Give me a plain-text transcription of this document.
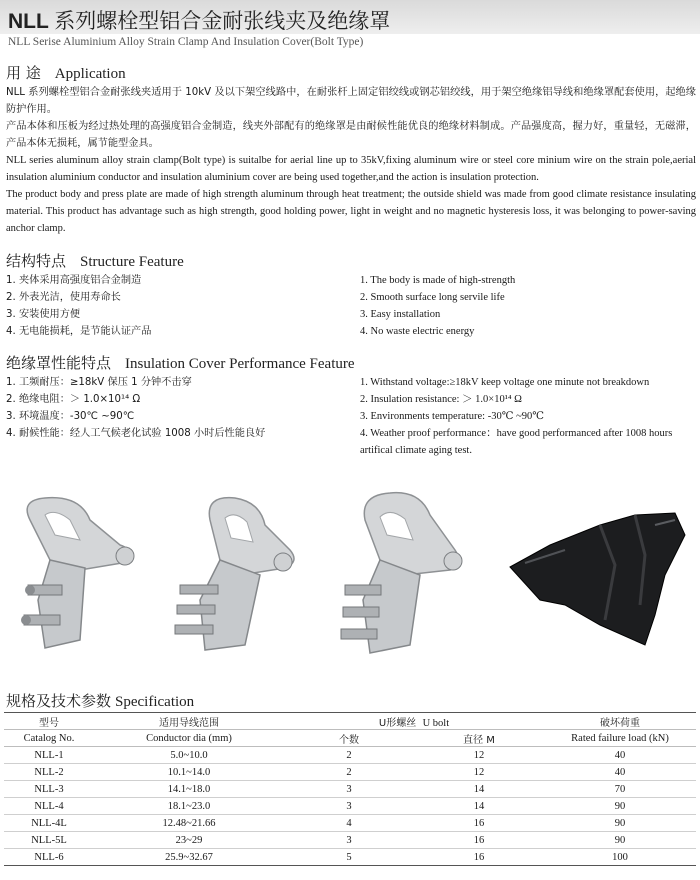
NLL 系列螺栓型铝合金耐张线夹及绝缘罩
NLL Serise Aluminium Alloy Strain Clamp And Insulation Cover(Bolt Type)
用 途 Application

NLL 系列螺栓型铝合金耐张线夹适用于 10kV 及以下架空线路中，在耐张杆上固定铝绞线或钢芯铝绞线，用于架空绝缘铝导线和绝缘罩配套使用，起绝缘防护作用。

产品本体和压板为经过热处理的高强度铝合金制造，线夹外部配有的绝缘罩是由耐候性能优良的绝缘材料制成。产品强度高，握力好，重量轻，无磁滞，产品本体无损耗，属节能型金具。

NLL series aluminum alloy strain clamp(Bolt type) is suitalbe for aerial line up to 35kV,fixing aluminum wire or steel core minium wire on the strain pole,aerial insulation aluminium conductor and insulation aluminium cover are being used together,and the action is insulation protection.

The product body and press plate are made of high strength aluminum through heat treatment; the outside shield was made from good climate resistance insulating material. This product has advantage such as high strength, good holding power, light in weight and no magnetic hysteresis loss, it was belonging to power-saving anchor clamp.

结构特点 Structure Feature
1. 夹体采用高强度铝合金制造
2. 外表光洁，使用寿命长
3. 安装使用方便
4. 无电能损耗，是节能认证产品
1. The body is made of high-strength
2. Smooth surface long servile life
3. Easy installation
4. No waste electric energy
绝缘罩性能特点 Insulation Cover Performance Feature
1. 工频耐压：≥18kV 保压 1 分钟不击穿
2. 绝缘电阻：＞ 1.0×10¹⁴ Ω
3. 环境温度：-30℃ ~90℃
4. 耐候性能：经人工气候老化试验 1008 小时后性能良好
1. Withstand voltage:≥18kV keep voltage one minute not breakdown
2. Insulation resistance: ＞ 1.0×10¹⁴ Ω
3. Environments temperature: -30℃ ~90℃
4. Weather proof performance：have good performanced after 1008 hours artifical climate aging test.
规格及技术参数 Specification
型号	适用导线范围	U形螺丝 U bolt		破坏荷重
Catalog No.	Conductor dia (mm)	个数	直径 M	Rated failure load (kN)
NLL-1	5.0~10.0	2	12	40
NLL-2	10.1~14.0	2	12	40
NLL-3	14.1~18.0	3	14	70
NLL-4	18.1~23.0	3	14	90
NLL-4L	12.48~21.66	4	16	90
NLL-5L	23~29	3	16	90
NLL-6	25.9~32.67	5	16	100
